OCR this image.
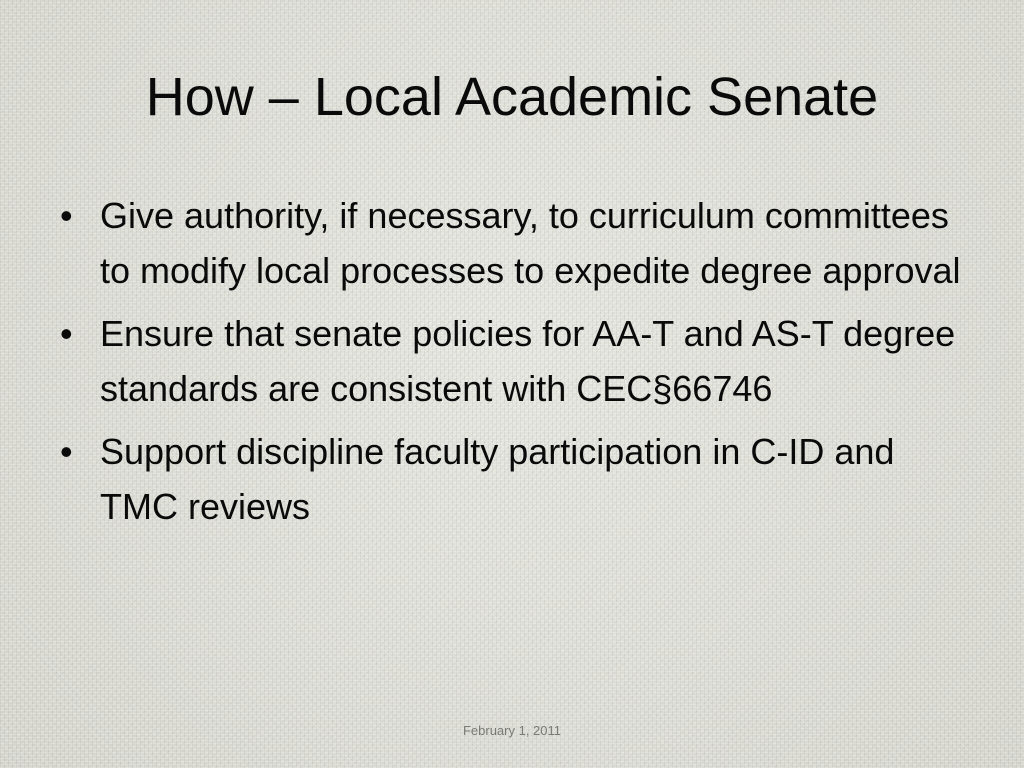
How – Local Academic Senate
• Give authority, if necessary, to curriculum committees to modify local processes to expedite degree approval
• Ensure that senate policies for AA-T and AS-T degree standards are consistent with CEC§66746
• Support discipline faculty participation in C-ID and TMC reviews
February 1, 2011
